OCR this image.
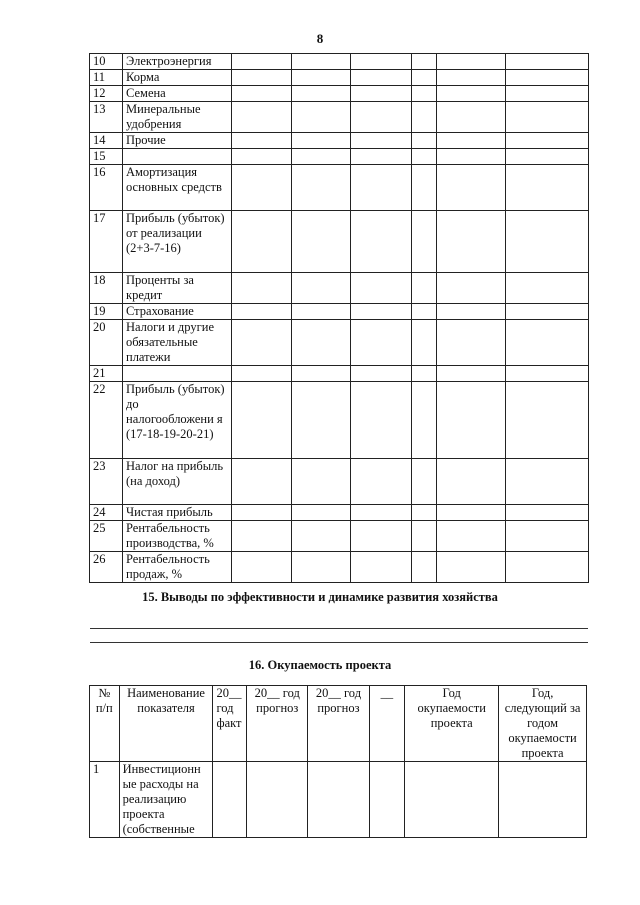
8
10	Электроэнергия						
11	Корма						
12	Семена						
13	Минеральные удобрения						
14	Прочие						
15							
16	Амортизация основных средств						
17	Прибыль (убыток) от реализации (2+3-7-16)						
18	Проценты за кредит						
19	Страхование						
20	Налоги и другие обязательные платежи						
21							
22	Прибыль (убыток) до налогообложени я (17-18-19-20-21)						
23	Налог на прибыль (на доход)						
24	Чистая прибыль						
25	Рентабельность производства, %						
26	Рентабельность продаж, %						
15. Выводы по эффективности и динамике развития хозяйства
16. Окупаемость проекта
№ п/п	Наименование показателя	20__ год факт	20__ год прогноз	20__ год прогноз	__	Год окупаемости проекта	Год, следующий за годом окупаемости проекта
1	Инвестиционн ые расходы на реализацию проекта (собственные						
